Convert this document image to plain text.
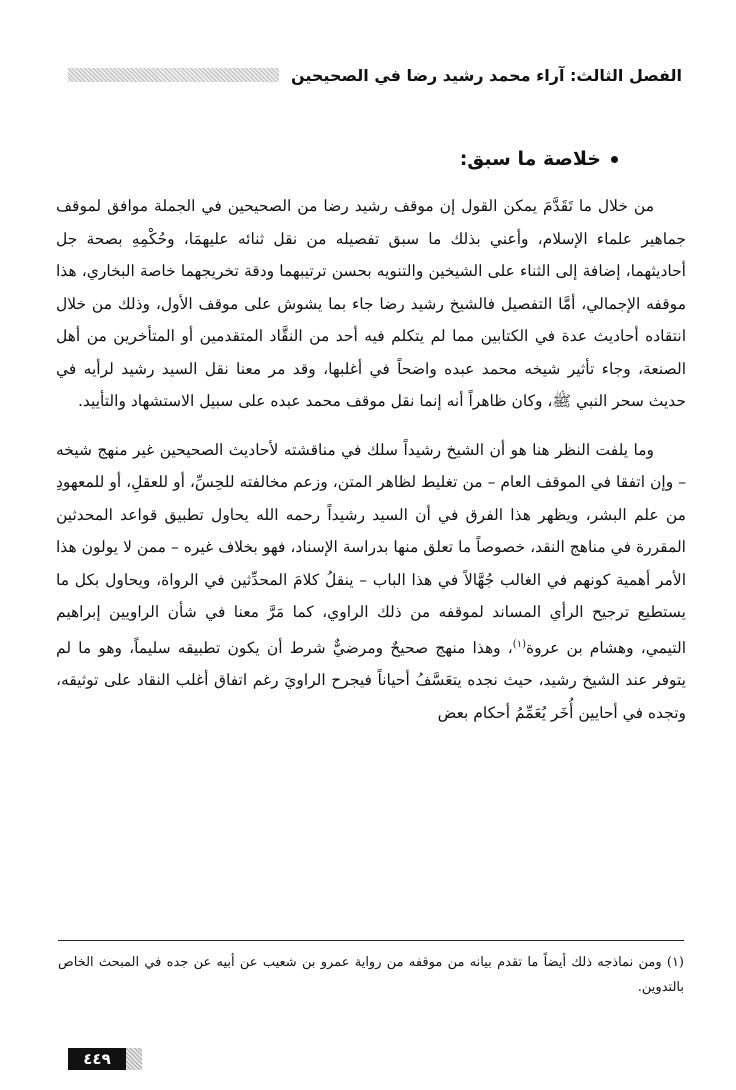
الفصل الثالث: آراء محمد رشيد رضا في الصحيحين
خلاصة ما سبق:

من خلال ما تَقَدَّمَ يمكن القول إن موقف رشيد رضا من الصحيحين في الجملة موافق لموقف جماهير علماء الإسلام، وأعني بذلك ما سبق تفصيله من نقل ثنائه عليهمَا، وحُكْمِهِ بصحة جل أحاديثهما، إضافة إلى الثناء على الشيخين والتنويه بحسن ترتيبهما ودقة تخريجهما خاصة البخاري، هذا موقفه الإجمالي، أمَّا التفصيل فالشيخ رشيد رضا جاء بما يشوش على موقف الأول، وذلك من خلال انتقاده أحاديث عدة في الكتابين مما لم يتكلم فيه أحد من النقَّاد المتقدمين أو المتأخرين من أهل الصنعة، وجاء تأثير شيخه محمد عبده واضحاً في أغلبها، وقد مر معنا نقل السيد رشيد لرأيه في حديث سحر النبي ﷺ، وكان ظاهراً أنه إنما نقل موقف محمد عبده على سبيل الاستشهاد والتأييد.

وما يلفت النظر هنا هو أن الشيخ رشيداً سلك في مناقشته لأحاديث الصحيحين غير منهج شيخه – وإن اتفقا في الموقف العام – من تغليط لظاهر المتن، وزعم مخالفته للحِسِّ، أو للعقلِ، أو للمعهودِ من علم البشر، ويظهر هذا الفرق في أن السيد رشيداً رحمه الله يحاول تطبيق قواعد المحدثين المقررة في مناهج النقد، خصوصاً ما تعلق منها بدراسة الإسناد، فهو بخلاف غيره – ممن لا يولون هذا الأمر أهمية كونهم في الغالب جُهَّالاً في هذا الباب – ينقلُ كلامَ المحدِّثين في الرواة، ويحاول بكل ما يستطيع ترجيح الرأي المساند لموقفه من ذلك الراوي، كما مَرَّ معنا في شأن الراويين إبراهيم التيمي، وهشام بن عروة$^{(١)}$، وهذا منهج صحيحٌ ومرضيٌّ شرط أن يكون تطبيقه سليماً، وهو ما لم يتوفر عند الشيخ رشيد، حيث نجده يتعَسَّفُ أحياناً فيجرح الراويَ رغم اتفاق أغلب النقاد على توثيقه، وتجده في أحايين أُخَر يُعَمِّمُ أحكام بعض

(١) ومن نماذجه ذلك أيضاً ما تقدم بيانه من موقفه من رواية عمرو بن شعيب عن أبيه عن جده في المبحث الخاص بالتدوين.
٤٤٩
